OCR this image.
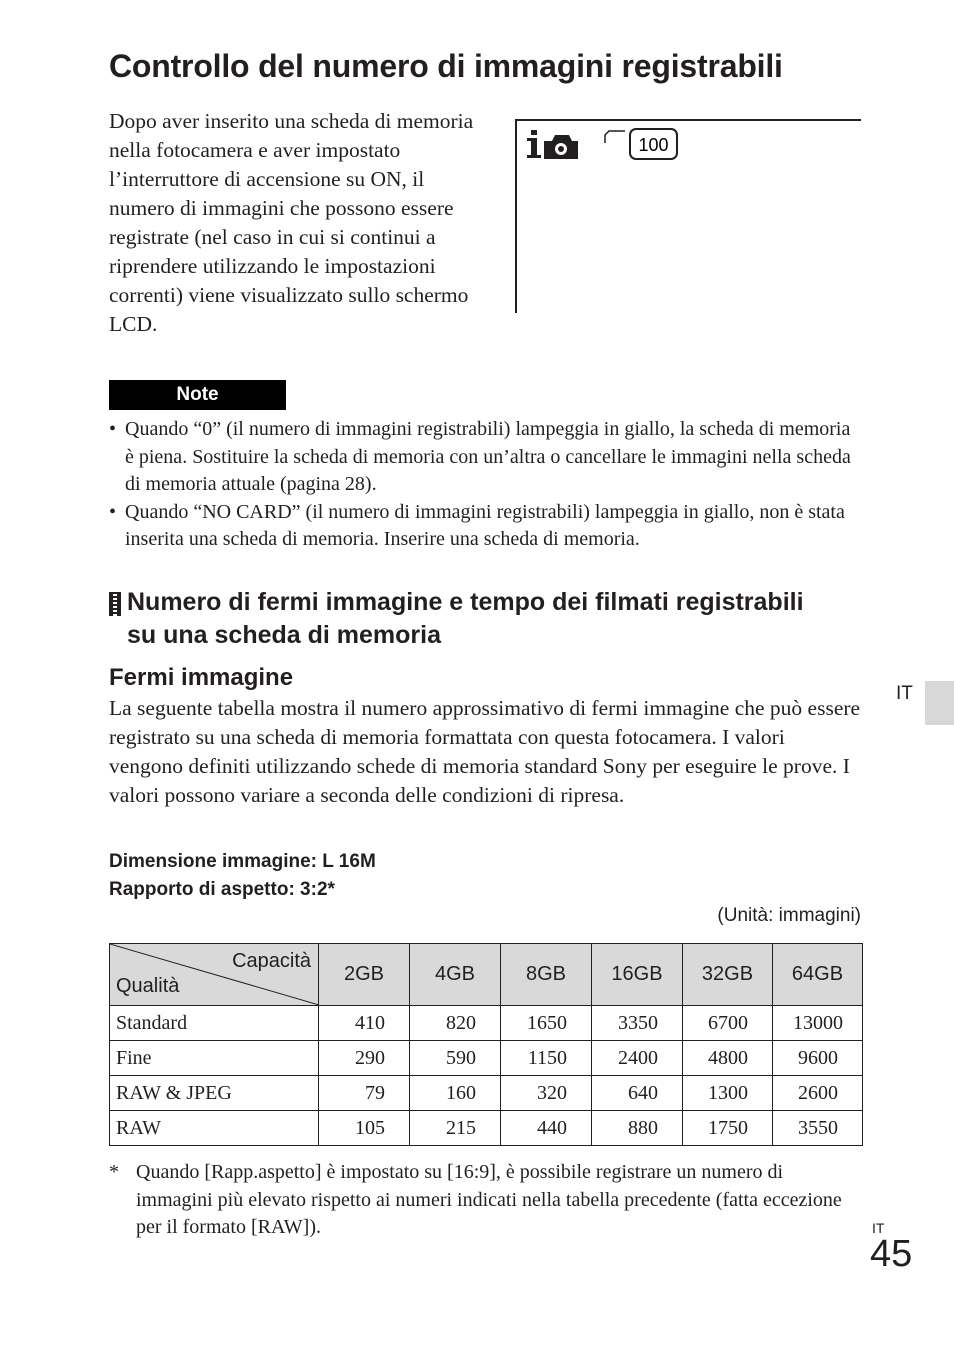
Controllo del numero di immagini registrabili
Dopo aver inserito una scheda di memoria nella fotocamera e aver impostato l’interruttore di accensione su ON, il numero di immagini che possono essere registrate (nel caso in cui si continui a riprendere utilizzando le impostazioni correnti) viene visualizzato sullo schermo LCD.
100
Note
• Quando “0” (il numero di immagini registrabili) lampeggia in giallo, la scheda di memoria è piena. Sostituire la scheda di memoria con un’altra o cancellare le immagini nella scheda di memoria attuale (pagina 28).
• Quando “NO CARD” (il numero di immagini registrabili) lampeggia in giallo, non è stata inserita una scheda di memoria. Inserire una scheda di memoria.
Numero di fermi immagine e tempo dei filmati registrabili su una scheda di memoria
Fermi immagine
La seguente tabella mostra il numero approssimativo di fermi immagine che può essere registrato su una scheda di memoria formattata con questa fotocamera. I valori vengono definiti utilizzando schede di memoria standard Sony per eseguire le prove. I valori possono variare a seconda delle condizioni di ripresa.
Dimensione immagine: L 16M
Rapporto di aspetto: 3:2*
(Unità: immagini)
Capacità
Qualità	2GB	4GB	8GB	16GB	32GB	64GB
Standard	410	820	1650	3350	6700	13000
Fine	290	590	1150	2400	4800	9600
RAW & JPEG	79	160	320	640	1300	2600
RAW	105	215	440	880	1750	3550
* Quando [Rapp.aspetto] è impostato su [16:9], è possibile registrare un numero di immagini più elevato rispetto ai numeri indicati nella tabella precedente (fatta eccezione per il formato [RAW]).
IT
IT
45
